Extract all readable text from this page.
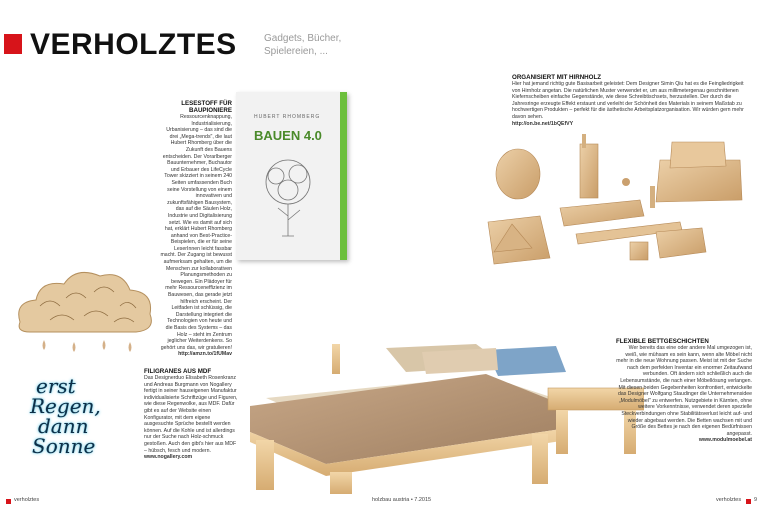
VERHOLZTES	Gadgets, Bücher, Spielereien, ...
LESESTOFF FÜR BAUPIONIERE
Ressourcenknappung, Industrialisierung, Urbanisierung – das sind die drei „Mega-trends", die laut Hubert Rhomberg über die Zukunft des Bauens entscheiden. Der Vorarlberger Bauunternehmer, Buchautor und Erbauer des LifeCycle Tower skizziert in seinem 240 Seiten umfassenden Buch seine Vorstellung von einem innovativen und zukunftsfähigen Bausystem, das auf die Säulen Holz, Industrie und Digitalisierung setzt. Wie es damit auf sich hat, erklärt Hubert Rhomberg anhand von Best-Practice-Beispielen, die er für seine LeserInnen leicht fassbar macht. Der Zugang ist bewusst aufmerksam gehalten, um die Menschen zur kollaborativen Planungsmethoden zu bewegen. Ein Plädoyer für mehr Ressourceneffizienz im Bauwesen, das gerade jetzt hilfreich erscheint. Der Leitfaden ist schlüssig, die Darstellung integriert die Technologien von heute und die Basis des Systems – das Holz – steht im Zentrum jeglicher Weiterdenkens. So gehört uns das, wir gratulieren!
http://amzn.to/1fUMav
HUBERT RHOMBERG
BAUEN 4.0
ORGANISIERT MIT HIRNHOLZ
Hier hat jemand richtig gute Basisarbeit geleistet: Dem Designer Simin Qiu hat es die Feingliedrigkeit von Hirnholz angetan. Die natürlichen Muster verwendet er, um aus millimetergenau geschnittenen Kiefernscheiben einfache Gegenstände, wie diese Schreibtischsets, herzustellen. Der durch die Jahresringe erzeugte Effekt erstaunt und verleiht der Schönheit des Materials in seinem Maßstab zu hochwertigen Produkten – perfekt für die ästhetische Arbeitsplatzorganisation. Wir würden gern mehr davon sehen.
http://on.be.net/1bQEfVY
erst
Regen,
dann
Sonne
FILIGRANES AUS MDF
Das Designerduo Elisabeth Rosenkranz und Andreas Burgmann von Nogallery fertigt in seiner hauseigenen Manufaktur individualisierte Schriftzüge und Figuren, wie diese Regenwolke, aus MDF. Dafür gibt es auf der Website einen Konfigurator, mit dem eigene ausgesuchte Sprüche bestellt werden können. Auf die Kohle und ist allerdings nur der Suche nach Holz-schmuck gestoßen. Auch den gibt's hier aus MDF – hübsch, fesch und modern.
www.nogallery.com
FLEXIBLE BETTGESCHICHTEN
Wer bereits das eine oder andere Mal umgezogen ist, weiß, wie mühsam es sein kann, wenn alte Möbel nicht mehr in die neue Wohnung passen. Meist ist mit der Suche nach dem perfekten Inventar ein enormer Zeitaufwand verbunden. Oft ändern sich schließlich auch die Lebensumstände, die nach einer Möbellösung verlangen. Mit diesen beiden Gegebenheiten konfrontiert, entwickelte das Designer Wolfgang Staudinger die Unternehmensidee „Modulmöbel" zu entwerfen. Nutzgebiete in Kärnten, ohne weitere Vorkenntnisse, verwendet deren spezielle Steckverbindungen ohne Stabilitätsverlust leicht auf- und wieder abgebaut werden. Die Betten wachsen mit und Größe des Bettes je nach den eigenen Bedürfnissen angepasst.
www.modulmoebel.at
verholztes	holzbau austria • 7.2015	verholztes 9
